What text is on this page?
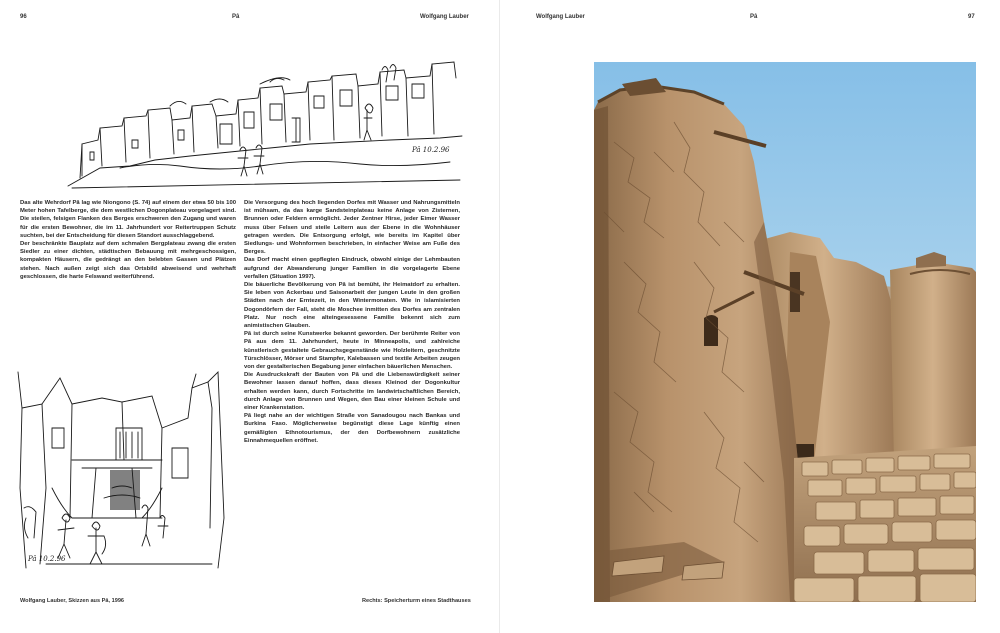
96	Pâ	Wolfgang Lauber
Pâ 10.2.96
Pâ 10.2.96

Das alte Wehrdorf Pâ lag wie Niongono (S. 74) auf einem der etwa 50 bis 100 Meter hohen Tafelberge, die dem westlichen Dogonplateau vorgelagert sind. Die steilen, felsigen Flanken des Berges erschweren den Zugang und waren für die ersten Bewohner, die im 11. Jahrhundert vor Reitertruppen Schutz suchten, bei der Entscheidung für diesen Standort ausschlaggebend.

Der beschränkte Bauplatz auf dem schmalen Bergplateau zwang die ersten Siedler zu einer dichten, städtischen Bebauung mit mehrgeschossigen, kompakten Häusern, die gedrängt an den belebten Gassen und Plätzen stehen. Nach außen zeigt sich das Ortsbild abweisend und wehrhaft geschlossen, die harte Felswand weiterführend.

Die Versorgung des hoch liegenden Dorfes mit Wasser und Nahrungsmitteln ist mühsam, da das karge Sandsteinplateau keine Anlage von Zisternen, Brunnen oder Feldern ermöglicht. Jeder Zentner Hirse, jeder Eimer Wasser muss über Felsen und steile Leitern aus der Ebene in die Wohnhäuser getragen werden. Die Entsorgung erfolgt, wie bereits im Kapitel über Siedlungs- und Wohnformen beschrieben, in einfacher Weise am Fuße des Berges.

Das Dorf macht einen gepflegten Eindruck, obwohl einige der Lehmbauten aufgrund der Abwanderung junger Familien in die vorgelagerte Ebene verfallen (Situation 1997).

Die bäuerliche Bevölkerung von Pâ ist bemüht, ihr Heimatdorf zu erhalten. Sie leben von Ackerbau und Saisonarbeit der jungen Leute in den großen Städten nach der Erntezeit, in den Wintermonaten. Wie in islamisierten Dogondörfern der Fall, steht die Moschee inmitten des Dorfes am zentralen Platz. Nur noch eine alteingesessene Familie bekennt sich zum animistischen Glauben.

Pâ ist durch seine Kunstwerke bekannt geworden. Der berühmte Reiter von Pâ aus dem 11. Jahrhundert, heute in Minneapolis, und zahlreiche künstlerisch gestaltete Gebrauchsgegenstände wie Holzleitern, geschnitzte Türschlösser, Mörser und Stampfer, Kalebassen und textile Arbeiten zeugen von der gestalterischen Begabung jener einfachen bäuerlichen Menschen.

Die Ausdruckskraft der Bauten von Pâ und die Liebenswürdigkeit seiner Bewohner lassen darauf hoffen, dass dieses Kleinod der Dogonkultur erhalten werden kann, durch Fortschritte im landwirtschaftlichen Bereich, durch Anlage von Brunnen und Wegen, den Bau einer kleinen Schule und einer Krankenstation.

Pâ liegt nahe an der wichtigen Straße von Sanadougou nach Bankas und Burkina Faso. Möglicherweise begünstigt diese Lage künftig einen gemäßigten Ethnotourismus, der den Dorfbewohnern zusätzliche Einnahmequellen eröffnet.

Wolfgang Lauber, Skizzen aus Pâ, 1996	Rechts: Speicherturm eines Stadthauses
Wolfgang Lauber	Pâ	97
